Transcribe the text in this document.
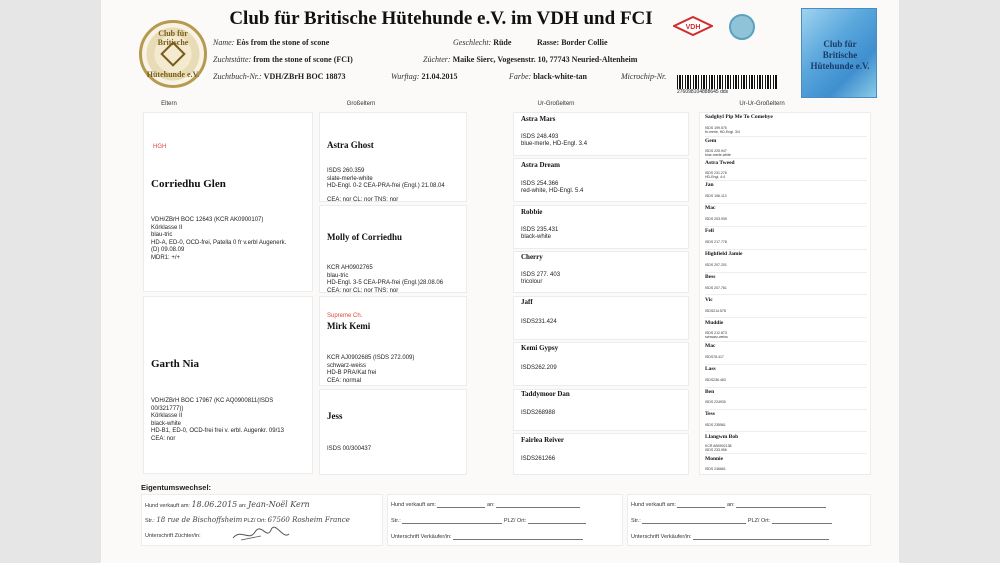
Club für Britische
Hütehunde e.V.
Club für Britische Hütehunde e.V. im VDH und FCI	VDH
Club für Britische Hütehunde e.V.
Name: Eòs from the stone of scone	Geschlecht: Rüde	Rasse: Border Collie
Zuchtstätte: from the stone of scone (FCI)	Züchter: Maike Sierc, Vogesenstr. 10, 77743 Neuried-Altenheim
Zuchtbuch-Nr.: VDH/ZBrH BOC 18873	Wurftag: 21.04.2015	Farbe: black-white-tan	Microchip-Nr.
276098104888645 ddx
Eltern	Großeltern	Ur-Großeltern	Ur-Ur-Großeltern
HGH
Corriedhu Glen
VDH/ZBrH BOC 12643 (KCR AK0900107)
Körklasse II
blau-tric
HD-A, ED-0, OCD-frei, Patella 0 fr v.erbl Augenerk.
(D) 09.08.09
MDR1: +/+
Garth Nia
VDH/ZBrH BOC 17967 (KC AQ0900811(ISDS
00/321777))
Körklasse II
black-white
HD-B1, ED-0, OCD-frei frei v. erbl. Augenkr. 09/13
CEA: nor
Astra Ghost
ISDS 260.359
slate-merle-white
HD-Engl. 0-2 CEA-PRA-frei (Engl.) 21.08.04
CEA: nor CL: nor TNS: nor
Molly of Corriedhu
KCR AH0902765
blau-tric
HD-Engl. 3-5 CEA-PRA-frei (Engl.)28.08.06
CEA: nor CL: nor TNS: nor
Supreme Ch.
Mirk Kemi
KCR AJ0902685 (ISDS 272.009)
schwarz-weiss
HD-B PRA/Kat frei
CEA: normal
Jess
ISDS 00/300437
Astra Mars
ISDS 248.493
blue-merle, HD-Engl. 3.4
Astra Dream
ISDS 254.366
red-white, HD-Engl. 5.4
Robbie
ISDS 235.431
black-white
Cherry
ISDS 277. 403
tricolour
Jaff
ISDS231.424
Kemi Gypsy
ISDS262.209
Taddymoor Dan
ISDS268988
Fairlea Reiver
ISDS261266
Sadghyl Pip Me To Comebye
ISDS 199.576
tri-merle, HD-Engl. 3/4
Gem
ISDS 225.947
blue-merle-white
Astra Tweed
ISDS 231.276
HD-Engl. 4:4
Jan
ISDS 196.113
Mac
ISDS 203.939
Fell
ISDS 217.778
Highfield Jamie
ISDS 207.201
Bess
ISDS 207.761
Vic
ISDS214.578
Muddie
ISDS 212.873
schwarz-weiss
Mac
ISDS78.417
Lass
ISDS236.463
Ben
ISDS 224930
Tess
ISDS 235561
Llangwm Bob
KCR AB0902138
ISDS 233.956
Monnie
ISDS 246661
Eigentumswechsel:
Hund verkauft am: 18.06.2015 an: Jean-Noël Kern
Str.: 18 rue de Bischoffsheim PLZ/ Ort: 67560 Rosheim France
Unterschrift Züchter/in:
Hund verkauft am:	an:
Str.:	PLZ/ Ort:
Unterschrift Verkäufer/in:
Hund verkauft am:	an:
Str.:	PLZ/ Ort:
Unterschrift Verkäufer/in:
